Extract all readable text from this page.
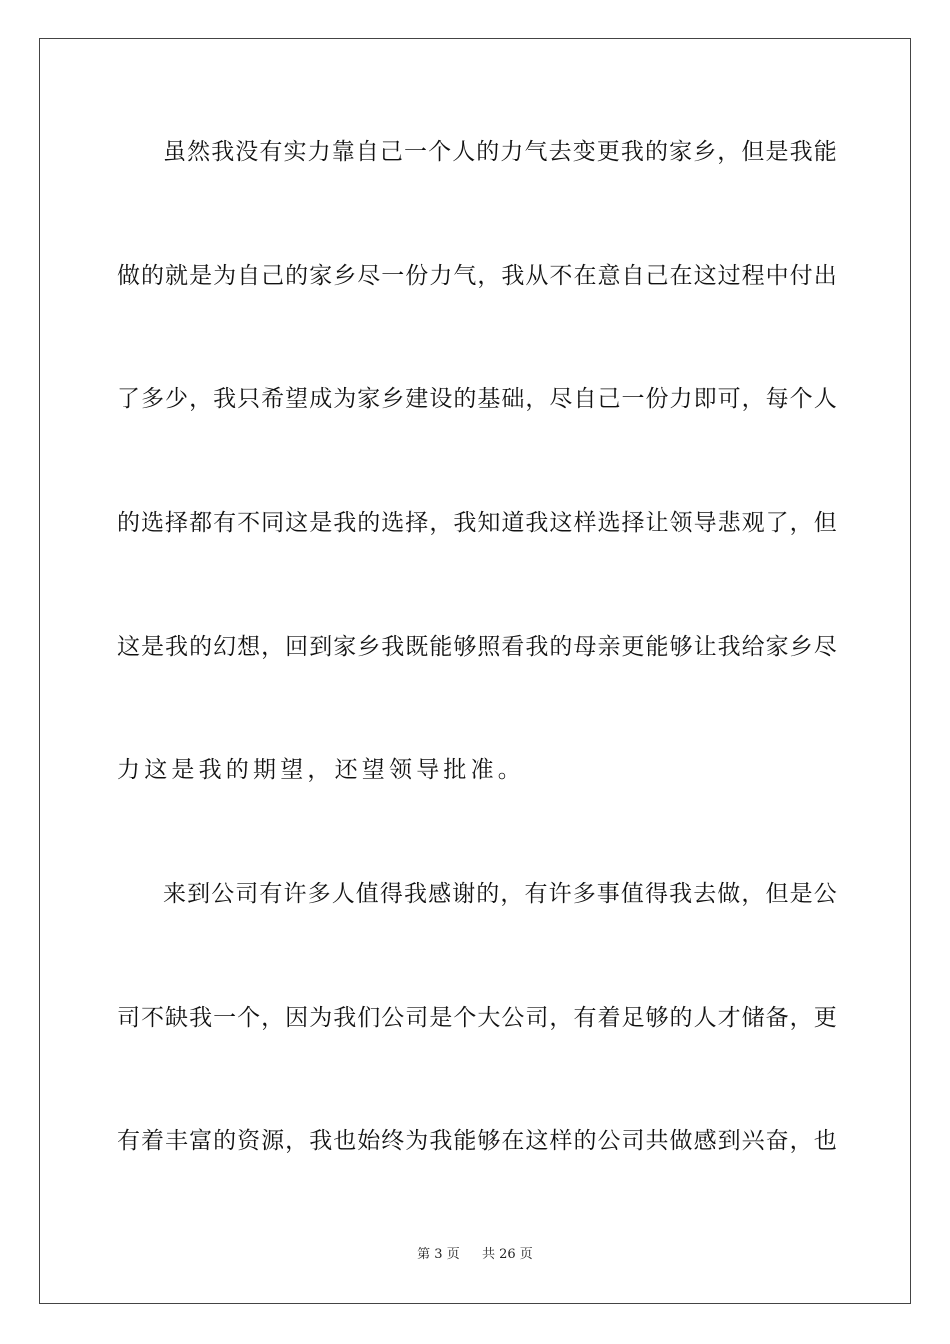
虽然我没有实力靠自己一个人的力气去变更我的家乡，但是我能
做的就是为自己的家乡尽一份力气，我从不在意自己在这过程中付出
了多少，我只希望成为家乡建设的基础，尽自己一份力即可，每个人
的选择都有不同这是我的选择，我知道我这样选择让领导悲观了，但
这是我的幻想，回到家乡我既能够照看我的母亲更能够让我给家乡尽
力这是我的期望，还望领导批准。
来到公司有许多人值得我感谢的，有许多事值得我去做，但是公
司不缺我一个，因为我们公司是个大公司，有着足够的人才储备，更
有着丰富的资源，我也始终为我能够在这样的公司共做感到兴奋，也
第 3 页 共 26 页
